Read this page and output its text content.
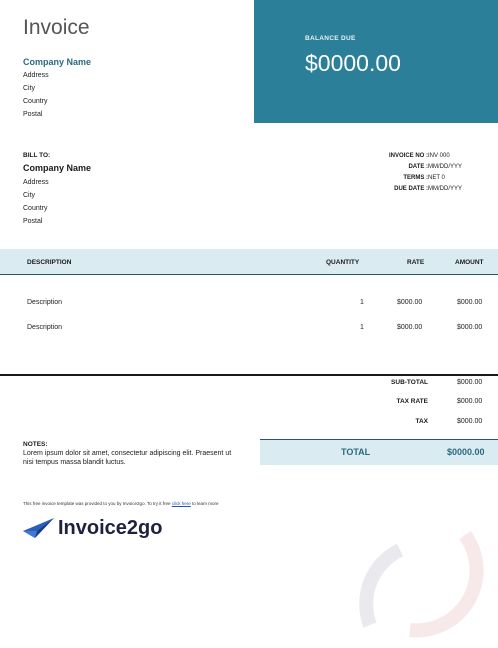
Invoice
Company Name
Address
City
Country
Postal
BALANCE DUE
$0000.00
BILL TO:
Company Name
Address
City
Country
Postal
INVOICE NO : INV 000
DATE : MM/DD/YYY
TERMS : NET 0
DUE DATE : MM/DD/YYY
DESCRIPTION	QUANTITY	RATE	AMOUNT
Description	1	$000.00	$000.00
Description	1	$000.00	$000.00
SUB-TOTAL	$000.00
TAX RATE	$000.00
TAX	$000.00
TOTAL	$0000.00
NOTES:
Lorem ipsum dolor sit amet, consectetur adipiscing elit. Praesent ut nisi tempus massa blandit luctus.
This free invoice template was provided to you by Invoice2go. To try it free click here to learn more
Invoice2go
